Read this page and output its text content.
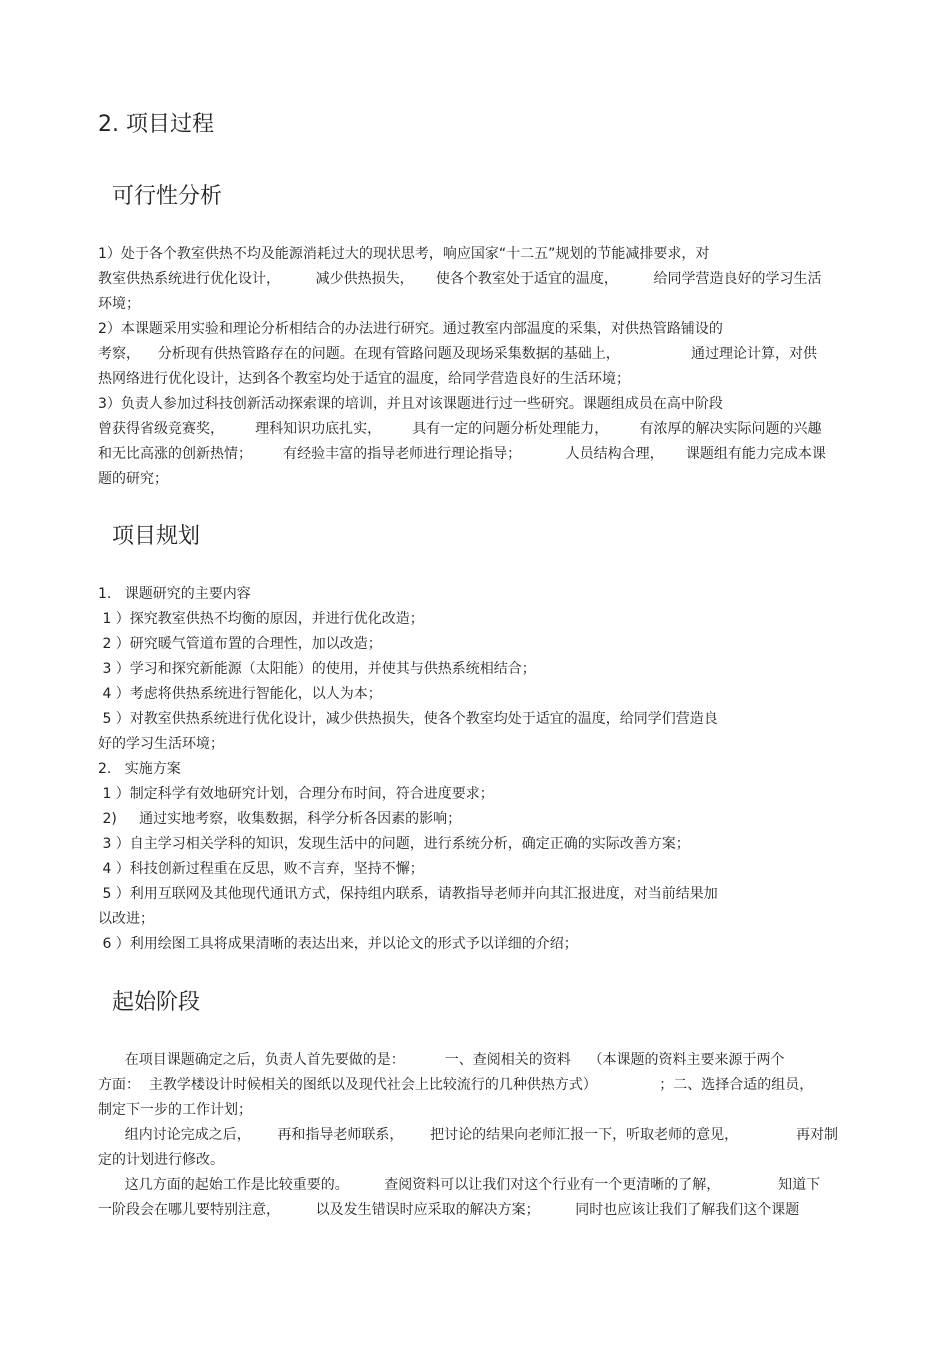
2. 项目过程
可行性分析
1）处于各个教室供热不均及能源消耗过大的现状思考，响应国家“十二五”规划的节能减排要求，对
教室供热系统进行优化设计，        减少供热损失，     使各个教室处于适宜的温度，        给同学营造良好的学习生活
环境；
2）本课题采用实验和理论分析相结合的办法进行研究。通过教室内部温度的采集，对供热管路铺设的
考察，    分析现有供热管路存在的问题。在现有管路问题及现场采集数据的基础上，                通过理论计算，对供
热网络进行优化设计，达到各个教室均处于适宜的温度，给同学营造良好的生活环境；
3）负责人参加过科技创新活动探索课的培训，并且对该课题进行过一些研究。课题组成员在高中阶段
曾获得省级竞赛奖，       理科知识功底扎实，       具有一定的问题分析处理能力，       有浓厚的解决实际问题的兴趣
和无比高涨的创新热情；       有经验丰富的指导老师进行理论指导；          人员结构合理，     课题组有能力完成本课
题的研究；
项目规划
1.   课题研究的主要内容
1 ）探究教室供热不均衡的原因，并进行优化改造；
2 ）研究暖气管道布置的合理性，加以改造；
3 ）学习和探究新能源（太阳能）的使用，并使其与供热系统相结合；
4 ）考虑将供热系统进行智能化，以人为本；
5 ）对教室供热系统进行优化设计，减少供热损失，使各个教室均处于适宜的温度，给同学们营造良
好的学习生活环境；
2.   实施方案
1 ）制定科学有效地研究计划，合理分布时间，符合进度要求；
2)     通过实地考察，收集数据，科学分析各因素的影响；
3 ）自主学习相关学科的知识，发现生活中的问题，进行系统分析，确定正确的实际改善方案；
4 ）科技创新过程重在反思，败不言弃，坚持不懈；
5 ）利用互联网及其他现代通讯方式，保持组内联系，请教指导老师并向其汇报进度，对当前结果加
以改进；
6 ）利用绘图工具将成果清晰的表达出来，并以论文的形式予以详细的介绍；
起始阶段
在项目课题确定之后，负责人首先要做的是：         一、查阅相关的资料    （本课题的资料主要来源于两个
方面：  主教学楼设计时候相关的图纸以及现代社会上比较流行的几种供热方式）              ；二、选择合适的组员，
制定下一步的工作计划；
组内讨论完成之后，      再和指导老师联系，      把讨论的结果向老师汇报一下，听取老师的意见，             再对制
定的计划进行修改。
这几方面的起始工作是比较重要的。        查阅资料可以让我们对这个行业有一个更清晰的了解，             知道下
一阶段会在哪儿要特别注意，        以及发生错误时应采取的解决方案；        同时也应该让我们了解我们这个课题
